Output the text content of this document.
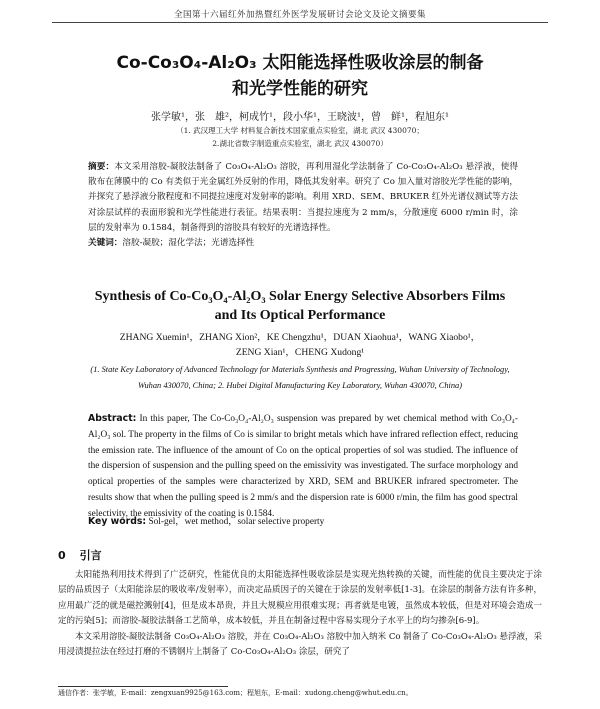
全国第十六届红外加热暨红外医学发展研讨会论文及论文摘要集
Co-Co₃O₄-Al₂O₃ 太阳能选择性吸收涂层的制备
和光学性能的研究
张学敏¹，张　雄²，柯成竹¹，段小华¹，王晓波¹，曾　鲜¹，程旭东¹
（1. 武汉理工大学 材料复合新技术国家重点实验室，湖北 武汉 430070；
2.湖北省数字制造重点实验室，湖北 武汉 430070）
摘要：本文采用溶胶-凝胶法制备了 Co₃O₄-Al₂O₃ 溶胶，再利用湿化学法制备了 Co-Co₃O₄-Al₂O₃ 悬浮液，使得散布在薄膜中的 Co 有类似于光金属红外反射的作用，降低其发射率。研究了 Co 加入量对溶胶光学性能的影响，并探究了悬浮液分散程度和不同提拉速度对发射率的影响。利用 XRD、SEM、BRUKER 红外光谱仪测试等方法对涂层试样的表面形貌和光学性能进行表征。结果表明：当提拉速度为 2 mm/s，分散速度 6000 r/min 时，涂层的发射率为 0.1584，制备得到的溶胶具有较好的光谱选择性。
关键词：溶胶-凝胶；湿化学法；光谱选择性
Synthesis of Co-Co₃O₄-Al₂O₃ Solar Energy Selective Absorbers Films
and Its Optical Performance
ZHANG Xuemin¹，ZHANG Xion²，KE Chengzhu¹，DUAN Xiaohua¹，WANG Xiaobo¹，
ZENG Xian¹，CHENG Xudong¹
(1. State Key Laboratory of Advanced Technology for Materials Synthesis and Progressing, Wuhan University of Technology,
Wuhan 430070, China; 2. Hubei Digital Manufacturing Key Laboratory, Wuhan 430070, China)
Abstract: In this paper, The Co-Co₃O₄-Al₂O₃ suspension was prepared by wet chemical method with Co₃O₄-Al₂O₃ sol. The property in the films of Co is similar to bright metals which have infrared reflection effect, reducing the emission rate. The influence of the amount of Co on the optical properties of sol was studied. The influence of the dispersion of suspension and the pulling speed on the emissivity was investigated. The surface morphology and optical properties of the samples were characterized by XRD, SEM and BRUKER infrared spectrometer. The results show that when the pulling speed is 2 mm/s and the dispersion rate is 6000 r/min, the film has good spectral selectivity, the emissivity of the coating is 0.1584.
Key words: Sol-gel，wet method，solar selective property
0 引言

太阳能热利用技术得到了广泛研究，性能优良的太阳能选择性吸收涂层是实现光热转换的关键，而性能的优良主要决定于涂层的品质因子（太阳能涂层的吸收率/发射率），而决定品质因子的关键在于涂层的发射率低[1-3]。在涂层的制备方法有许多种，应用最广泛的就是磁控溅射[4]，但是成本昂贵，并且大规模应用很难实现；再者就是电镀，虽然成本较低，但是对环境会造成一定的污染[5]；而溶胶-凝胶法制备工艺简单，成本较低，并且在制备过程中容易实现分子水平上的均匀掺杂[6-9]。

本文采用溶胶-凝胶法制备 Co₃O₄-Al₂O₃ 溶胶，并在 Co₃O₄-Al₂O₃ 溶胶中加入纳米 Co 制备了 Co-Co₃O₄-Al₂O₃ 悬浮液，采用浸渍提拉法在经过打磨的不锈钢片上制备了 Co-Co₃O₄-Al₂O₃ 涂层，研究了

通信作者：张学敏，E-mail：zengxuan9925@163.com；程旭东，E-mail：xudong.cheng@whut.edu.cn。
